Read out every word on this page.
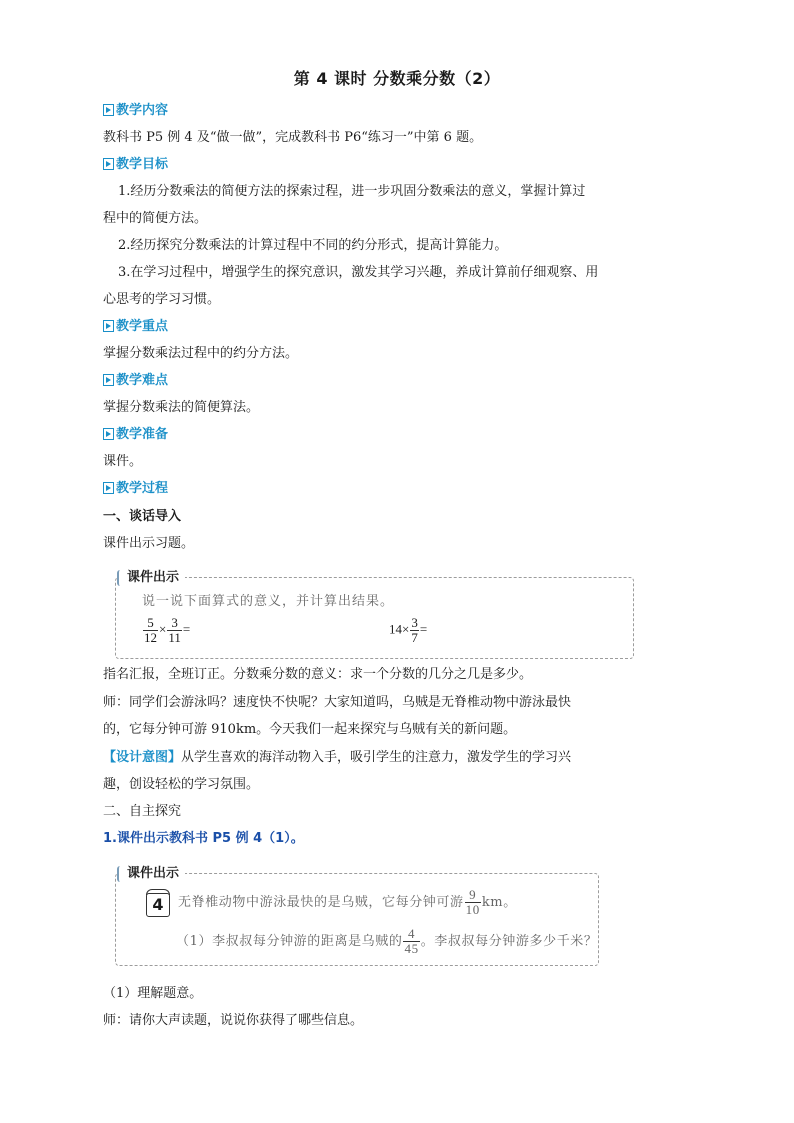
第 4 课时 分数乘分数（2）
教学内容
教科书 P5 例 4 及“做一做”，完成教科书 P6“练习一”中第 6 题。
教学目标
1.经历分数乘法的简便方法的探索过程，进一步巩固分数乘法的意义，掌握计算过
程中的简便方法。
2.经历探究分数乘法的计算过程中不同的约分形式，提高计算能力。
3.在学习过程中，增强学生的探究意识，激发其学习兴趣，养成计算前仔细观察、用
心思考的学习习惯。
教学重点
掌握分数乘法过程中的约分方法。
教学难点
掌握分数乘法的简便算法。
教学准备
课件。
教学过程
一、谈话导入
课件出示习题。
课件出示
说一说下面算式的意义，并计算出结果。
$\frac{5}{12} \times \frac{3}{11}$ =	$14\times \frac{3}{7}$ =
指名汇报，全班订正。分数乘分数的意义：求一个分数的几分之几是多少。
师：同学们会游泳吗？速度快不快呢？大家知道吗，乌贼是无脊椎动物中游泳最快
的，它每分钟可游 910km。今天我们一起来探究与乌贼有关的新问题。
【设计意图】从学生喜欢的海洋动物入手，吸引学生的注意力，激发学生的学习兴
趣，创设轻松的学习氛围。
二、自主探究
1.课件出示教科书 P5 例 4（1）。
课件出示
4	无脊椎动物中游泳最快的是乌贼，它每分钟可游 $\frac{9}{10}$ km。
（1）李叔叔每分钟游的距离是乌贼的 $\frac{4}{45}$ 。李叔叔每分钟游多少千米？
（1）理解题意。
师：请你大声读题，说说你获得了哪些信息。
